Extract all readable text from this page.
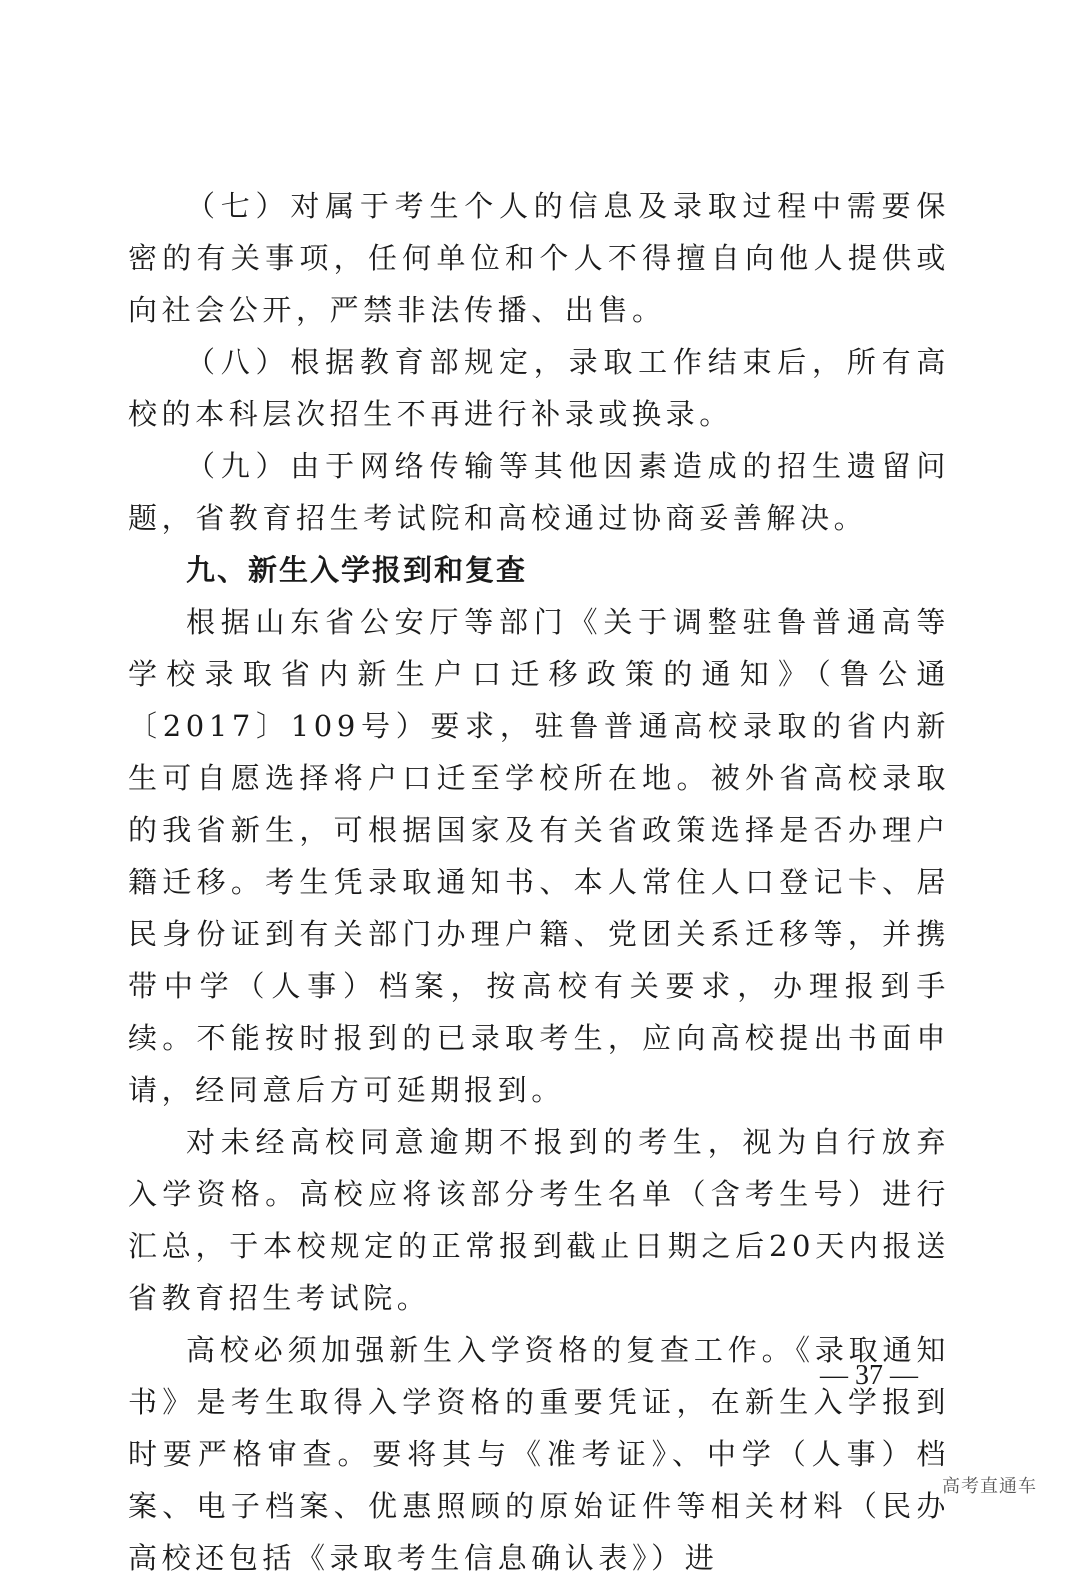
（七）对属于考生个人的信息及录取过程中需要保密的有关事项，任何单位和个人不得擅自向他人提供或向社会公开，严禁非法传播、出售。

（八）根据教育部规定，录取工作结束后，所有高校的本科层次招生不再进行补录或换录。

（九）由于网络传输等其他因素造成的招生遗留问题，省教育招生考试院和高校通过协商妥善解决。

九、新生入学报到和复查

根据山东省公安厅等部门《关于调整驻鲁普通高等学校录取省内新生户口迁移政策的通知》（鲁公通〔2017〕109号）要求，驻鲁普通高校录取的省内新生可自愿选择将户口迁至学校所在地。被外省高校录取的我省新生，可根据国家及有关省政策选择是否办理户籍迁移。考生凭录取通知书、本人常住人口登记卡、居民身份证到有关部门办理户籍、党团关系迁移等，并携带中学（人事）档案，按高校有关要求，办理报到手续。不能按时报到的已录取考生，应向高校提出书面申请，经同意后方可延期报到。

对未经高校同意逾期不报到的考生，视为自行放弃入学资格。高校应将该部分考生名单（含考生号）进行汇总，于本校规定的正常报到截止日期之后20天内报送省教育招生考试院。

高校必须加强新生入学资格的复查工作。《录取通知书》是考生取得入学资格的重要凭证，在新生入学报到时要严格审查。要将其与《准考证》、中学（人事）档案、电子档案、优惠照顾的原始证件等相关材料（民办高校还包括《录取考生信息确认表》）进

— 37 —
高考直通车
